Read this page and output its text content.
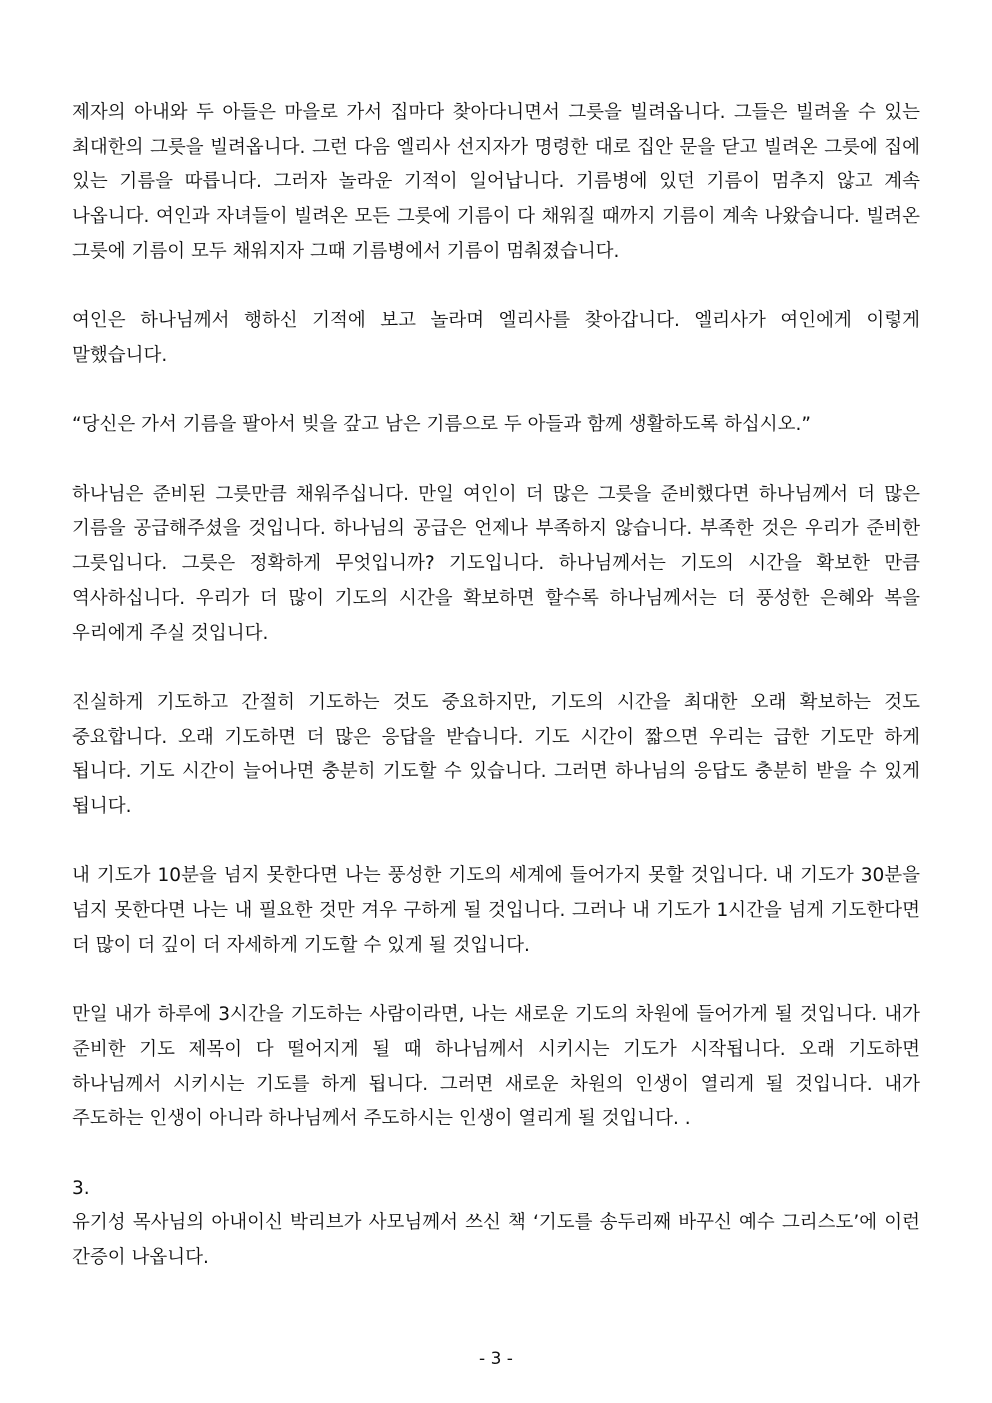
제자의 아내와 두 아들은 마을로 가서 집마다 찾아다니면서 그릇을 빌려옵니다. 그들은 빌려올 수 있는 최대한의 그릇을 빌려옵니다. 그런 다음 엘리사 선지자가 명령한 대로 집안 문을 닫고 빌려온 그릇에 집에 있는 기름을 따릅니다. 그러자 놀라운 기적이 일어납니다. 기름병에 있던 기름이 멈추지 않고 계속 나옵니다. 여인과 자녀들이 빌려온 모든 그릇에 기름이 다 채워질 때까지 기름이 계속 나왔습니다. 빌려온 그릇에 기름이 모두 채워지자 그때 기름병에서 기름이 멈춰졌습니다.

여인은 하나님께서 행하신 기적에 보고 놀라며 엘리사를 찾아갑니다. 엘리사가 여인에게 이렇게 말했습니다.

“당신은 가서 기름을 팔아서 빚을 갚고 남은 기름으로 두 아들과 함께 생활하도록 하십시오.”

하나님은 준비된 그릇만큼 채워주십니다. 만일 여인이 더 많은 그릇을 준비했다면 하나님께서 더 많은 기름을 공급해주셨을 것입니다. 하나님의 공급은 언제나 부족하지 않습니다. 부족한 것은 우리가 준비한 그릇입니다. 그릇은 정확하게 무엇입니까? 기도입니다. 하나님께서는 기도의 시간을 확보한 만큼 역사하십니다. 우리가 더 많이 기도의 시간을 확보하면 할수록 하나님께서는 더 풍성한 은혜와 복을 우리에게 주실 것입니다.

진실하게 기도하고 간절히 기도하는 것도 중요하지만, 기도의 시간을 최대한 오래 확보하는 것도 중요합니다. 오래 기도하면 더 많은 응답을 받습니다. 기도 시간이 짧으면 우리는 급한 기도만 하게 됩니다. 기도 시간이 늘어나면 충분히 기도할 수 있습니다. 그러면 하나님의 응답도 충분히 받을 수 있게 됩니다.

내 기도가 10분을 넘지 못한다면 나는 풍성한 기도의 세계에 들어가지 못할 것입니다. 내 기도가 30분을 넘지 못한다면 나는 내 필요한 것만 겨우 구하게 될 것입니다. 그러나 내 기도가 1시간을 넘게 기도한다면 더 많이 더 깊이 더 자세하게 기도할 수 있게 될 것입니다.

만일 내가 하루에 3시간을 기도하는 사람이라면, 나는 새로운 기도의 차원에 들어가게 될 것입니다. 내가 준비한 기도 제목이 다 떨어지게 될 때 하나님께서 시키시는 기도가 시작됩니다. 오래 기도하면 하나님께서 시키시는 기도를 하게 됩니다. 그러면 새로운 차원의 인생이 열리게 될 것입니다. 내가 주도하는 인생이 아니라 하나님께서 주도하시는 인생이 열리게 될 것입니다. .

3.

유기성 목사님의 아내이신 박리브가 사모님께서 쓰신 책 ‘기도를 송두리째 바꾸신 예수 그리스도’에 이런 간증이 나옵니다.

- 3 -
